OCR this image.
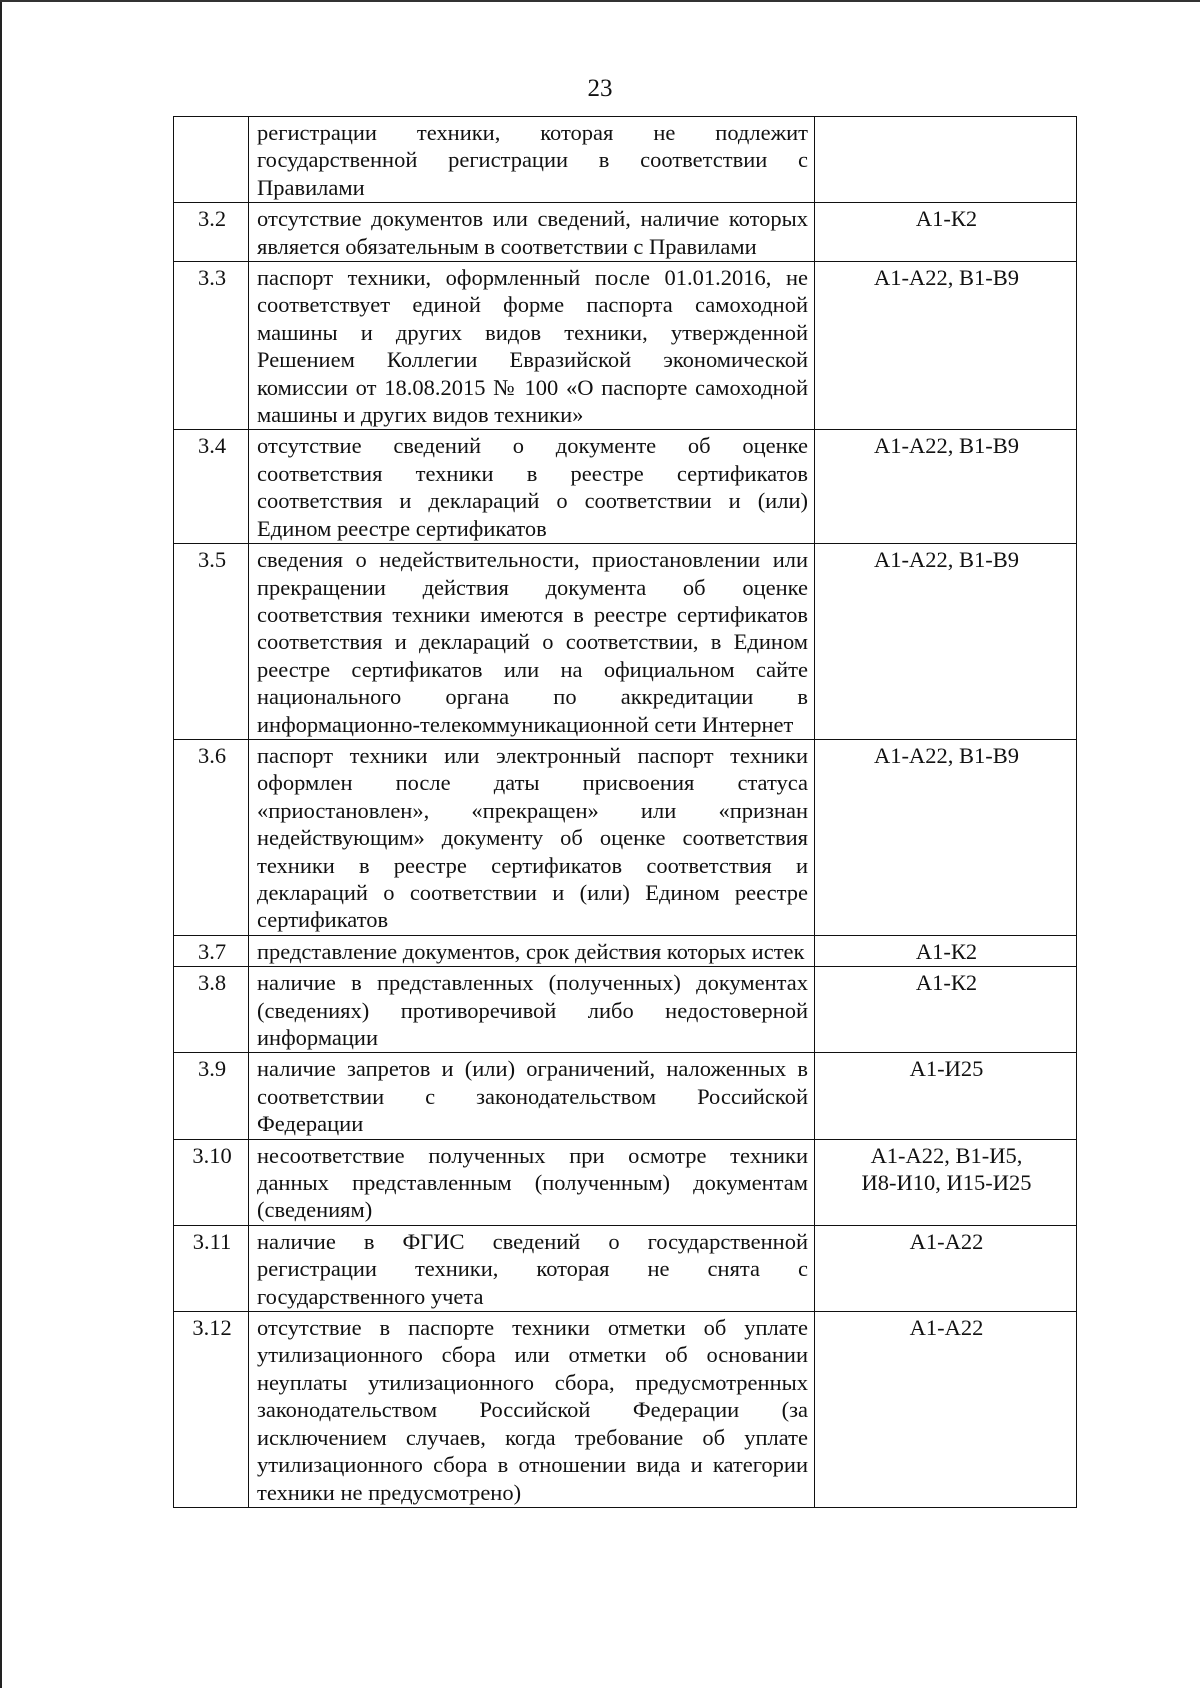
23
	регистрации техники, которая не подлежит государственной регистрации в соответствии с Правилами	

3.2	отсутствие документов или сведений, наличие которых является обязательным в соответствии с Правилами	А1-К2

3.3	паспорт техники, оформленный после 01.01.2016, не соответствует единой форме паспорта самоходной машины и других видов техники, утвержденной Решением Коллегии Евразийской экономической комиссии от 18.08.2015 № 100 «О паспорте самоходной машины и других видов техники»	А1-А22, В1-В9

3.4	отсутствие сведений о документе об оценке соответствия техники в реестре сертификатов соответствия и деклараций о соответствии и (или) Едином реестре сертификатов	А1-А22, В1-В9

3.5	сведения о недействительности, приостановлении или прекращении действия документа об оценке соответствия техники имеются в реестре сертификатов соответствия и деклараций о соответствии, в Едином реестре сертификатов или на официальном сайте национального органа по аккредитации в информационно-телекоммуникационной сети Интернет	А1-А22, В1-В9

3.6	паспорт техники или электронный паспорт техники оформлен после даты присвоения статуса «приостановлен», «прекращен» или «признан недействующим» документу об оценке соответствия техники в реестре сертификатов соответствия и деклараций о соответствии и (или) Едином реестре сертификатов	А1-А22, В1-В9

3.7	представление документов, срок действия которых истек	А1-К2

3.8	наличие в представленных (полученных) документах (сведениях) противоречивой либо недостоверной информации	А1-К2

3.9	наличие запретов и (или) ограничений, наложенных в соответствии с законодательством Российской Федерации	А1-И25

3.10	несоответствие полученных при осмотре техники данных представленным (полученным) документам (сведениям)	А1-А22, В1-И5,
И8-И10, И15-И25

3.11	наличие в ФГИС сведений о государственной регистрации техники, которая не снята с государственного учета	А1-А22

3.12	отсутствие в паспорте техники отметки об уплате утилизационного сбора или отметки об основании неуплаты утилизационного сбора, предусмотренных законодательством Российской Федерации (за исключением случаев, когда требование об уплате утилизационного сбора в отношении вида и категории техники не предусмотрено)	А1-А22
